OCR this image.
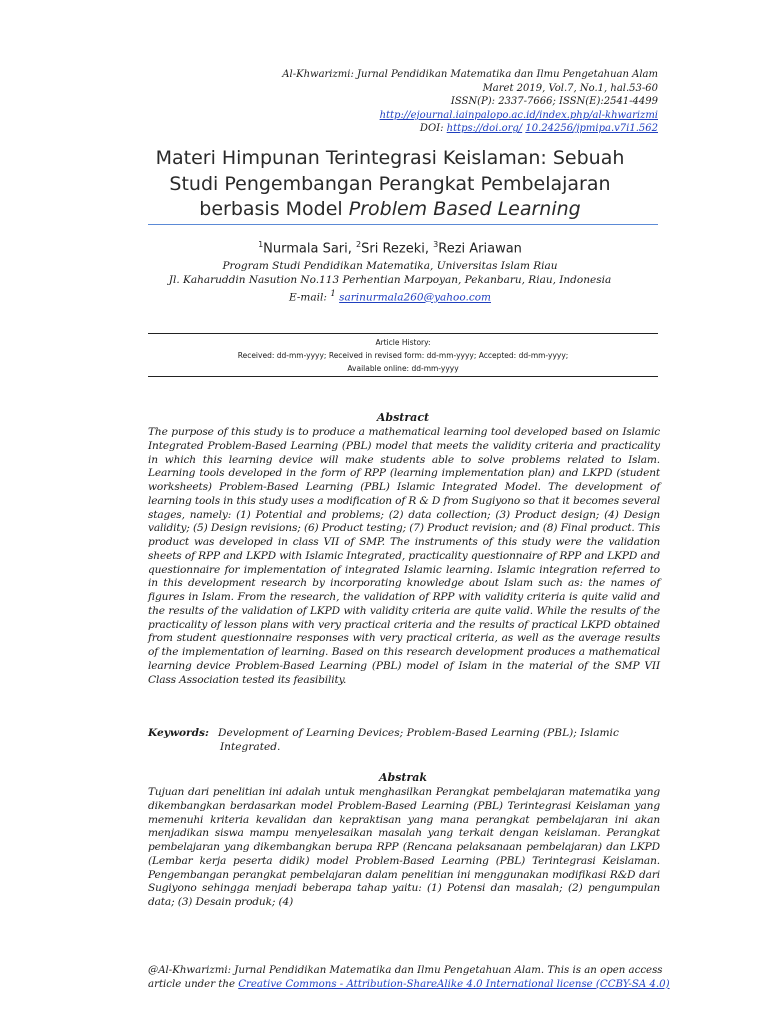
Al-Khwarizmi: Jurnal Pendidikan Matematika dan Ilmu Pengetahuan Alam
Maret 2019, Vol.7, No.1, hal.53-60
ISSN(P): 2337-7666; ISSN(E):2541-4499
http://ejournal.iainpalopo.ac.id/index.php/al-khwarizmi
DOI: https://doi.org/ 10.24256/jpmipa.v7i1.562
Materi Himpunan Terintegrasi Keislaman: Sebuah
Studi Pengembangan Perangkat Pembelajaran
berbasis Model Problem Based Learning
$^1$Nurmala Sari, $^2$Sri Rezeki, $^3$Rezi Ariawan
Program Studi Pendidikan Matematika, Universitas Islam Riau
Jl. Kaharuddin Nasution No.113 Perhentian Marpoyan, Pekanbaru, Riau, Indonesia
E-mail: $^1$ sarinurmala260@yahoo.com
Article History:
Received: dd-mm-yyyy; Received in revised form: dd-mm-yyyy; Accepted: dd-mm-yyyy;
Available online: dd-mm-yyyy
Abstract
The purpose of this study is to produce a mathematical learning tool developed based on Islamic Integrated Problem-Based Learning (PBL) model that meets the validity criteria and practicality in which this learning device will make students able to solve problems related to Islam. Learning tools developed in the form of RPP (learning implementation plan) and LKPD (student worksheets) Problem-Based Learning (PBL) Islamic Integrated Model. The development of learning tools in this study uses a modification of R & D from Sugiyono so that it becomes several stages, namely: (1) Potential and problems; (2) data collection; (3) Product design; (4) Design validity; (5) Design revisions; (6) Product testing; (7) Product revision; and (8) Final product. This product was developed in class VII of SMP. The instruments of this study were the validation sheets of RPP and LKPD with Islamic Integrated, practicality questionnaire of RPP and LKPD and questionnaire for implementation of integrated Islamic learning. Islamic integration referred to in this development research by incorporating knowledge about Islam such as: the names of figures in Islam. From the research, the validation of RPP with validity criteria is quite valid and the results of the validation of LKPD with validity criteria are quite valid. While the results of the practicality of lesson plans with very practical criteria and the results of practical LKPD obtained from student questionnaire responses with very practical criteria, as well as the average results of the implementation of learning. Based on this research development produces a mathematical learning device Problem-Based Learning (PBL) model of Islam in the material of the SMP VII Class Association tested its feasibility.
Keywords: Development of Learning Devices; Problem-Based Learning (PBL); Islamic
Integrated.
Abstrak
Tujuan dari penelitian ini adalah untuk menghasilkan Perangkat pembelajaran matematika yang dikembangkan berdasarkan model Problem-Based Learning (PBL) Terintegrasi Keislaman yang memenuhi kriteria kevalidan dan kepraktisan yang mana perangkat pembelajaran ini akan menjadikan siswa mampu menyelesaikan masalah yang terkait dengan keislaman. Perangkat pembelajaran yang dikembangkan berupa RPP (Rencana pelaksanaan pembelajaran) dan LKPD (Lembar kerja peserta didik) model Problem-Based Learning (PBL) Terintegrasi Keislaman. Pengembangan perangkat pembelajaran dalam penelitian ini menggunakan modifikasi R&D dari Sugiyono sehingga menjadi beberapa tahap yaitu: (1) Potensi dan masalah; (2) pengumpulan data; (3) Desain produk; (4)
@Al-Khwarizmi: Jurnal Pendidikan Matematika dan Ilmu Pengetahuan Alam. This is an open access
article under the Creative Commons - Attribution-ShareAlike 4.0 International license (CCBY-SA 4.0)
